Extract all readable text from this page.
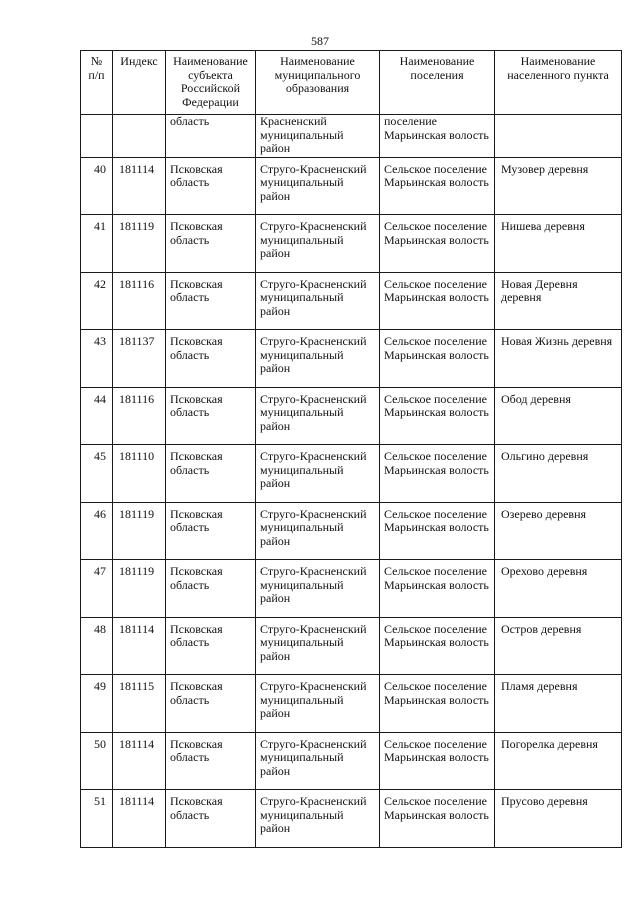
587
№ п/п	Индекс	Наименование субъекта Российской Федерации	Наименование муниципального образования	Наименование поселения	Наименование населенного пункта
		область	Красненский муниципальный район	поселение Марьинская волость	
40	181114	Псковская область	Струго-Красненский муниципальный район	Сельское поселение Марьинская волость	Музовер деревня
41	181119	Псковская область	Струго-Красненский муниципальный район	Сельское поселение Марьинская волость	Нишева деревня
42	181116	Псковская область	Струго-Красненский муниципальный район	Сельское поселение Марьинская волость	Новая Деревня деревня
43	181137	Псковская область	Струго-Красненский муниципальный район	Сельское поселение Марьинская волость	Новая Жизнь деревня
44	181116	Псковская область	Струго-Красненский муниципальный район	Сельское поселение Марьинская волость	Обод деревня
45	181110	Псковская область	Струго-Красненский муниципальный район	Сельское поселение Марьинская волость	Ольгино деревня
46	181119	Псковская область	Струго-Красненский муниципальный район	Сельское поселение Марьинская волость	Озерево деревня
47	181119	Псковская область	Струго-Красненский муниципальный район	Сельское поселение Марьинская волость	Орехово деревня
48	181114	Псковская область	Струго-Красненский муниципальный район	Сельское поселение Марьинская волость	Остров деревня
49	181115	Псковская область	Струго-Красненский муниципальный район	Сельское поселение Марьинская волость	Пламя деревня
50	181114	Псковская область	Струго-Красненский муниципальный район	Сельское поселение Марьинская волость	Погорелка деревня
51	181114	Псковская область	Струго-Краcненский муниципальный район	Сельское поселение Марьинская волость	Прусово деревня
